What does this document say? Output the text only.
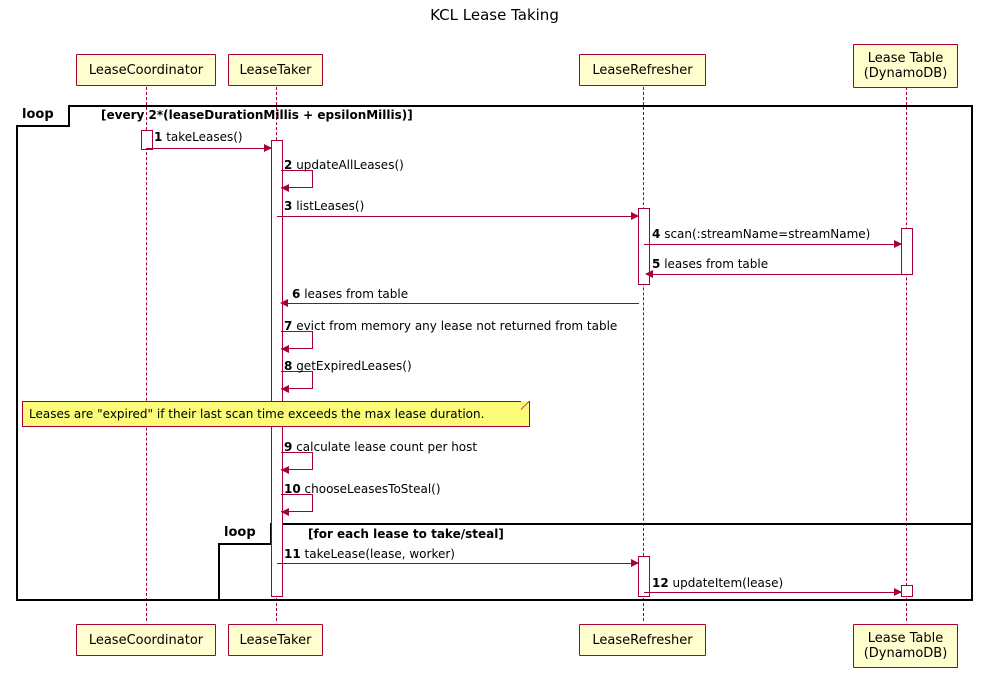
KCL Lease Taking
LeaseCoordinator	LeaseTaker	LeaseRefresher
Lease Table
(DynamoDB)
LeaseCoordinator	LeaseTaker	LeaseRefresher	Lease Table
(DynamoDB)
loop	[every 2*(leaseDurationMillis + epsilonMillis)]
loop	[for each lease to take/steal]
1 takeLeases()
2 updateAllLeases()
3 listLeases()
4 scan(:streamName=streamName)
5 leases from table
6 leases from table
7 evict from memory any lease not returned from table
8 getExpiredLeases()
Leases are "expired" if their last scan time exceeds the max lease duration.
9 calculate lease count per host
10 chooseLeasesToSteal()
11 takeLease(lease, worker)
12 updateItem(lease)
